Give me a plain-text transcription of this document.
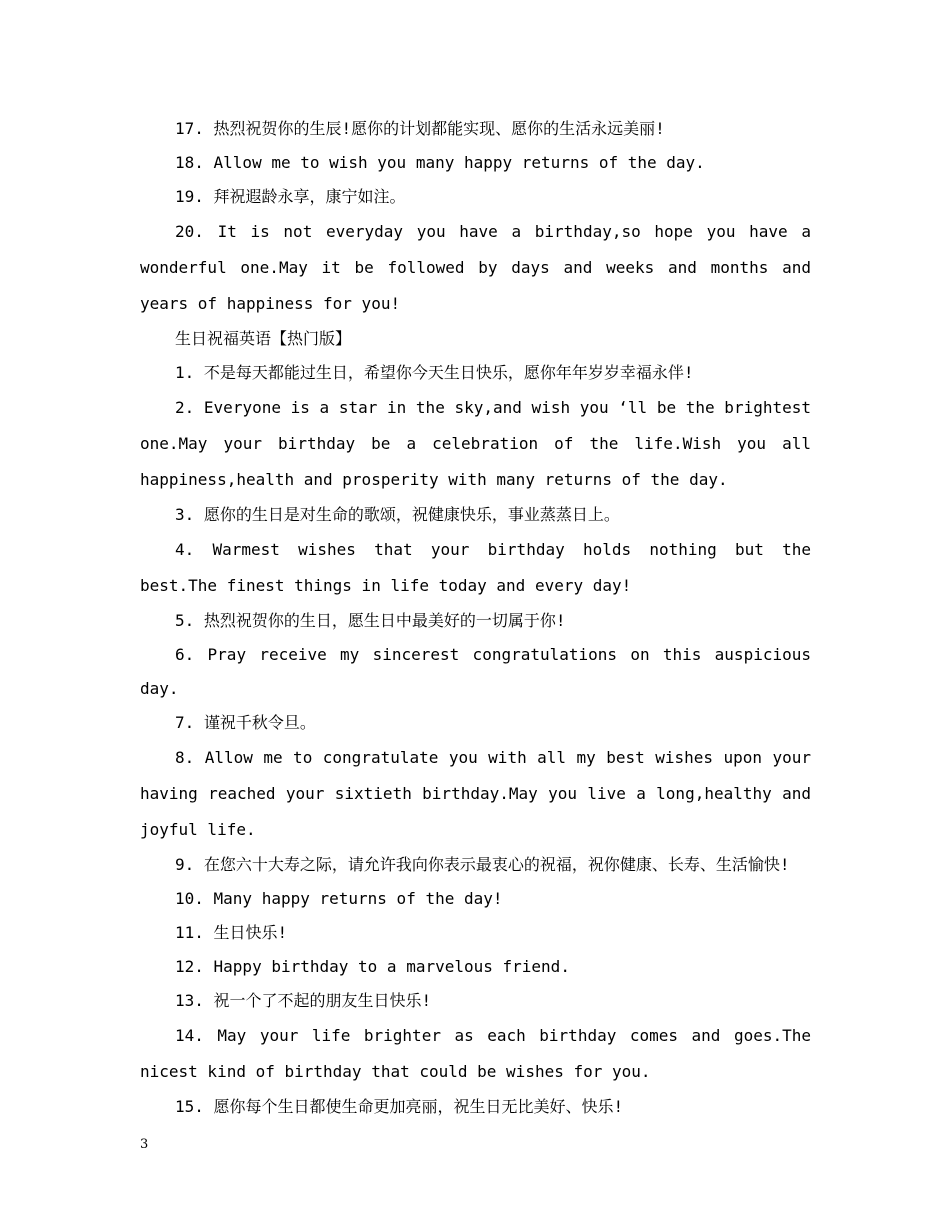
17. 热烈祝贺你的生辰!愿你的计划都能实现、愿你的生活永远美丽!

18. Allow me to wish you many happy returns of the day.

19. 拜祝遐龄永享，康宁如注。

20. It is not everyday you have a birthday,so hope you have a wonderful one.May it be followed by days and weeks and months and years of happiness for you!

生日祝福英语【热门版】

1. 不是每天都能过生日，希望你今天生日快乐，愿你年年岁岁幸福永伴!

2. Everyone is a star in the sky,and wish you ‘ll be the brightest one.May your birthday be a celebration of the life.Wish you all happiness,health and prosperity with many returns of the day.

3. 愿你的生日是对生命的歌颂，祝健康快乐，事业蒸蒸日上。

4. Warmest wishes that your birthday holds nothing but the best.The finest things in life today and every day!

5. 热烈祝贺你的生日，愿生日中最美好的一切属于你!

6. Pray receive my sincerest congratulations on this auspicious day.

7. 谨祝千秋令旦。

8. Allow me to congratulate you with all my best wishes upon your having reached your sixtieth birthday.May you live a long,healthy and joyful life.

9. 在您六十大寿之际，请允许我向你表示最衷心的祝福，祝你健康、长寿、生活愉快!

10. Many happy returns of the day!

11. 生日快乐!

12. Happy birthday to a marvelous friend.

13. 祝一个了不起的朋友生日快乐!

14. May your life brighter as each birthday comes and goes.The nicest kind of birthday that could be wishes for you.

15. 愿你每个生日都使生命更加亮丽，祝生日无比美好、快乐!

3
